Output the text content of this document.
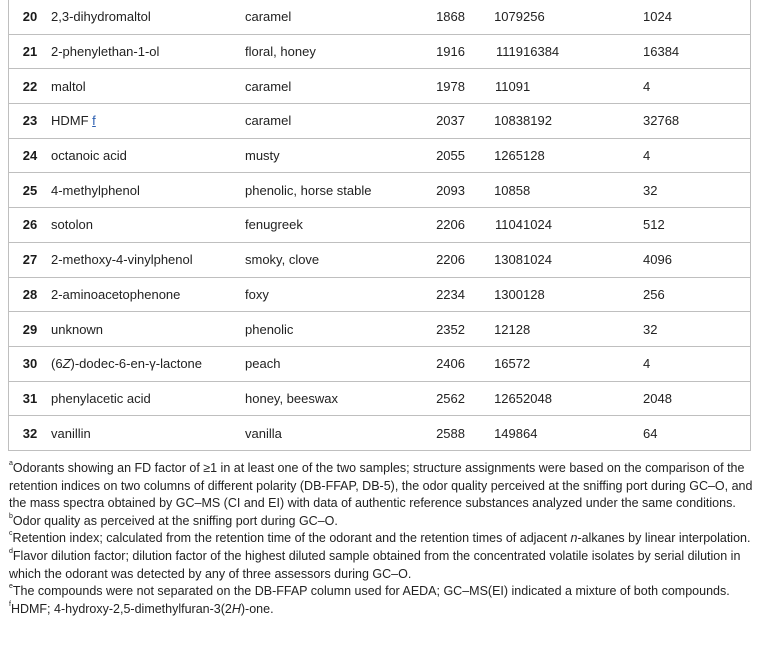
20	2,3-dihydromaltol	caramel	1868	1079	256	1024
21	2-phenylethan-1-ol	floral, honey	1916	1119	16384	16384
22	maltol	caramel	1978	1109	1	4
23	HDMF f	caramel	2037	1083	8192	32768
24	octanoic acid	musty	2055	1265	128	4
25	4-methylphenol	phenolic, horse stable	2093	1085	8	32
26	sotolon	fenugreek	2206	1104	1024	512
27	2-methoxy-4-vinylphenol	smoky, clove	2206	1308	1024	4096
28	2-aminoacetophenone	foxy	2234	1300	128	256
29	unknown	phenolic	2352	1212	8	32
30	(6Z)-dodec-6-en-γ-lactone	peach	2406	1657	2	4
31	phenylacetic acid	honey, beeswax	2562	1265	2048	2048
32	vanillin	vanilla	2588	1498	64	64

$^a$Odorants showing an FD factor of ≥1 in at least one of the two samples; structure assignments were based on the comparison of the retention indices on two columns of different polarity (DB-FFAP, DB-5), the odor quality perceived at the sniffing port during GC–O, and the mass spectra obtained by GC–MS (CI and EI) with data of authentic reference substances analyzed under the same conditions.

$^b$Odor quality as perceived at the sniffing port during GC–O.

$^c$Retention index; calculated from the retention time of the odorant and the retention times of adjacent n-alkanes by linear interpolation.

$^d$Flavor dilution factor; dilution factor of the highest diluted sample obtained from the concentrated volatile isolates by serial dilution in which the odorant was detected by any of three assessors during GC–O.

$^e$The compounds were not separated on the DB-FFAP column used for AEDA; GC–MS(EI) indicated a mixture of both compounds.

$^f$HDMF; 4-hydroxy-2,5-dimethylfuran-3(2H)-one.
